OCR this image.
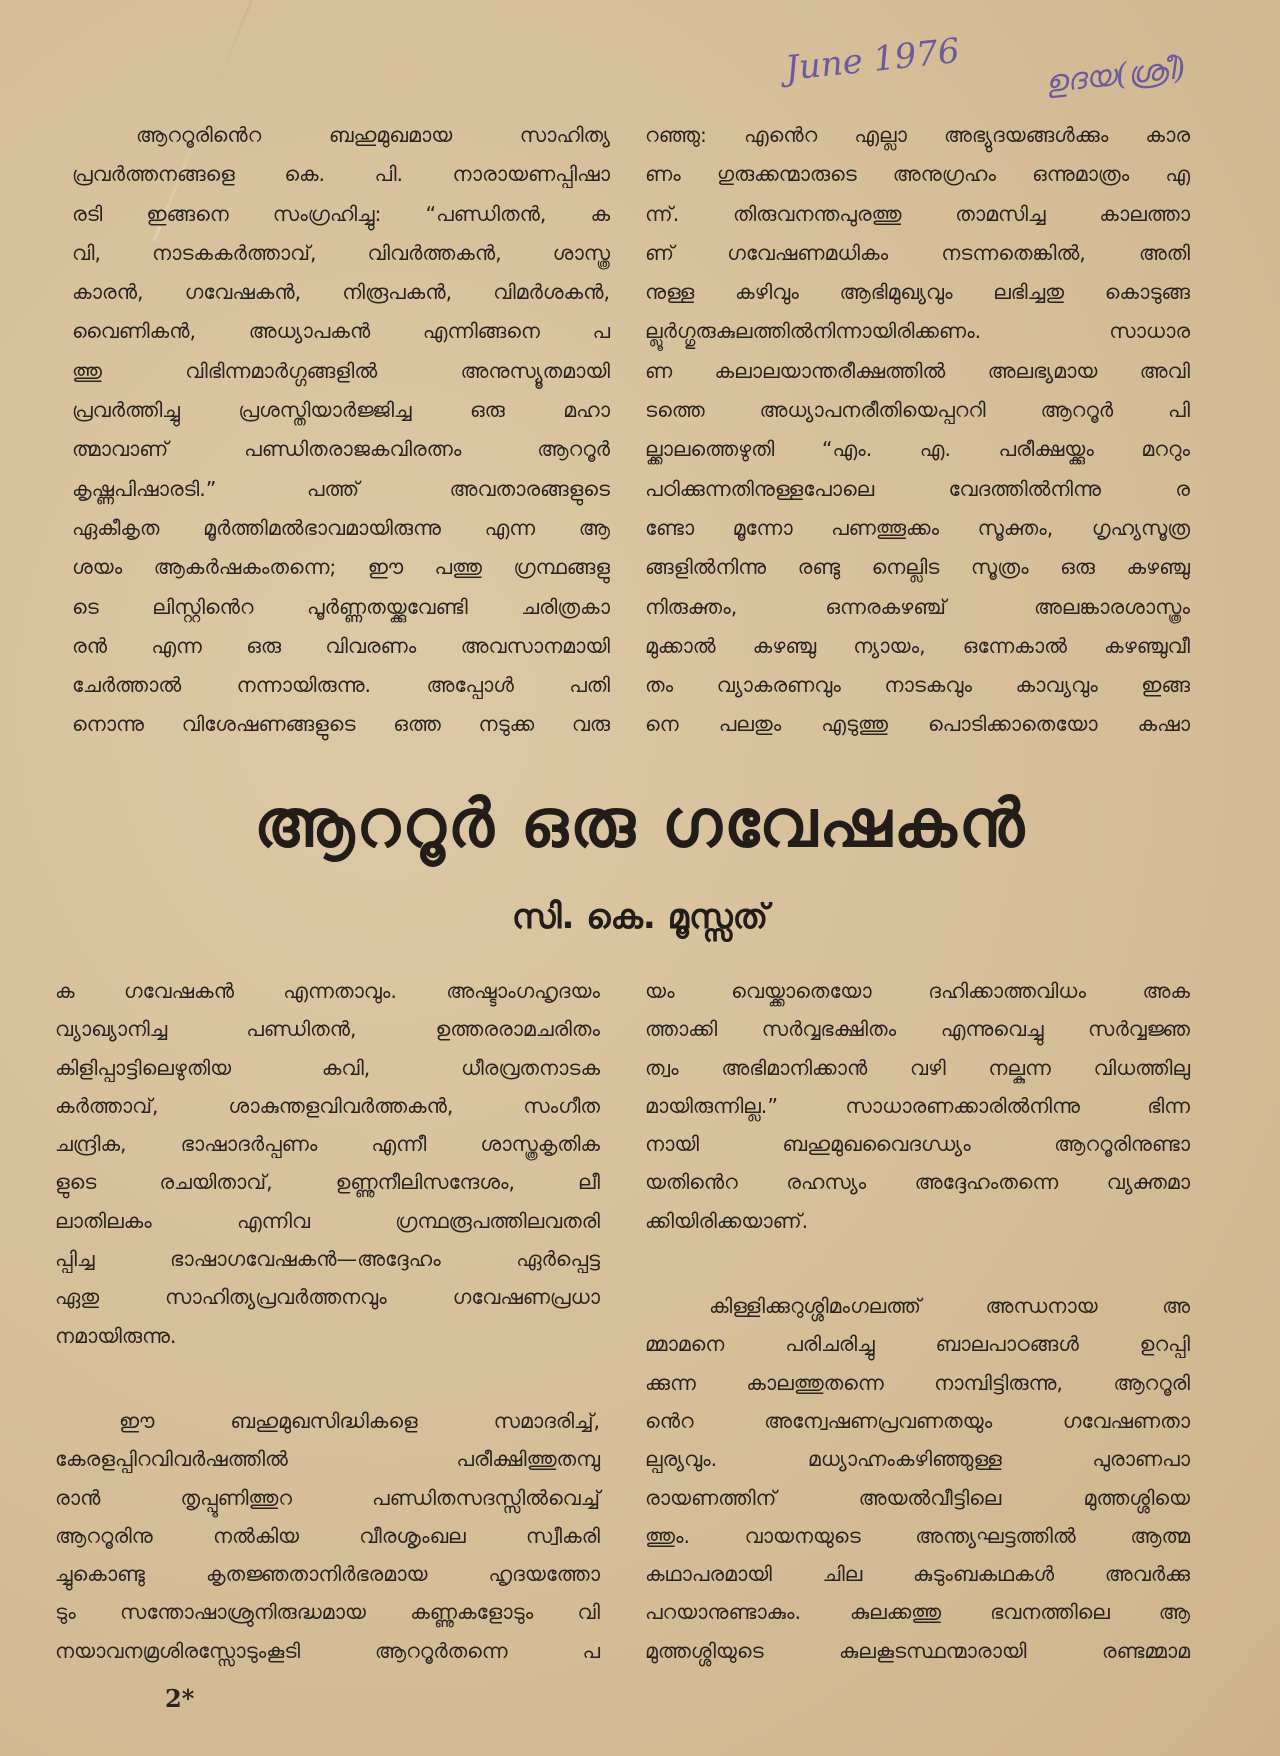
June 1976	ഉദയ(ശ്രീ)
ആററൂരിൻെറ ബഹുമുഖമായ സാഹിത്യ
പ്രവർത്തനങ്ങളെ കെ. പി. നാരായണപ്പിഷാ
രടി ഇങ്ങനെ സംഗ്രഹിച്ചു: “പണ്ഡിതൻ, ക
വി, നാടകകർത്താവ്, വിവർത്തകൻ, ശാസ്ത്ര
കാരൻ, ഗവേഷകൻ, നിരൂപകൻ, വിമർശകൻ,
വൈണികൻ, അധ്യാപകൻ എന്നിങ്ങനെ പ
ത്തു വിഭിന്നമാർഗ്ഗങ്ങളിൽ അനുസ്യൂതമായി
പ്രവർത്തിച്ചു പ്രശസ്തിയാർജ്ജിച്ച ഒരു മഹാ
ത്മാവാണ് പണ്ഡിതരാജകവിരത്നം ആററൂർ
കൃഷ്ണപിഷാരടി.” പത്ത് അവതാരങ്ങളുടെ
ഏകീകൃത മൂർത്തിമൽഭാവമായിരുന്നു എന്ന ആ
ശയം ആകർഷകംതന്നെ; ഈ പത്തു ഗ്രന്ഥങ്ങളു
ടെ ലിസ്റ്റിൻെറ പൂർണ്ണതയ്ക്കുവേണ്ടി ചരിത്രകാ
രൻ എന്ന ഒരു വിവരണം അവസാനമായി
ചേർത്താൽ നന്നായിരുന്നു. അപ്പോൾ പതി
നൊന്നു വിശേഷണങ്ങളുടെ ഒത്ത നടുക്ക വരു
റഞ്ഞു: എൻെറ എല്ലാ അഭ്യുദയങ്ങൾക്കും കാര
ണം ഗുരുക്കന്മാരുടെ അനുഗ്രഹം ഒന്നുമാത്രം എ
ന്ന്. തിരുവനന്തപുരത്തു താമസിച്ച കാലത്താ
ണ് ഗവേഷണമധികം നടന്നതെങ്കിൽ, അതി
നുള്ള കഴിവും ആഭിമുഖ്യവും ലഭിച്ചതു കൊടുങ്ങ
ല്ലൂർഗ്ഗുരുകുലത്തിൽനിന്നായിരിക്കണം. സാധാര
ണ കലാലയാന്തരീക്ഷത്തിൽ അലഭ്യമായ അവി
ടത്തെ അധ്യാപനരീതിയെപ്പററി ആററൂർ പി
ല്ക്കാലത്തെഴുതി “എം. എ. പരീക്ഷയ്ക്കും മററും
പഠിക്കുന്നതിനുള്ളപോലെ വേദത്തിൽനിന്നു ര
ണ്ടോ മൂന്നോ പണത്തൂക്കം സൂക്തം, ഗൃഹ്യസൂത്ര
ങ്ങളിൽനിന്നു രണ്ടു നെല്ലിട സൂത്രം ഒരു കഴഞ്ചു
നിരുക്തം, ഒന്നരകഴഞ്ച് അലങ്കാരശാസ്ത്രം
മുക്കാൽ കഴഞ്ചു ന്യായം, ഒന്നേകാൽ കഴഞ്ചുവീ
തം വ്യാകരണവും നാടകവും കാവ്യവും ഇങ്ങ
നെ പലതും എടുത്തു പൊടിക്കാതെയോ കഷാ
ആററൂർ ഒരു ഗവേഷകൻ
സി. കെ. മൂസ്സത്
ക ഗവേഷകൻ എന്നതാവും. അഷ്ടാംഗഹൃദയം
വ്യാഖ്യാനിച്ച പണ്ഡിതൻ, ഉത്തരരാമചരിതം
കിളിപ്പാട്ടിലെഴുതിയ കവി, ധീരവ്രതനാടക
കർത്താവ്, ശാകുന്തളവിവർത്തകൻ, സംഗീത
ചന്ദ്രിക, ഭാഷാദർപ്പണം എന്നീ ശാസ്ത്രകൃതിക
ളുടെ രചയിതാവ്, ഉണ്ണുനീലിസന്ദേശം, ലീ
ലാതിലകം എന്നിവ ഗ്രന്ഥരൂപത്തിലവതരി
പ്പിച്ച ഭാഷാഗവേഷകൻ—അദ്ദേഹം ഏർപ്പെട്ട
ഏതു സാഹിത്യപ്രവർത്തനവും ഗവേഷണപ്രധാ
നമായിരുന്നു.
ഈ ബഹുമുഖസിദ്ധികളെ സമാദരിച്ച്,
കേരളപ്പിറവിവർഷത്തിൽ പരീക്ഷിത്തുതമ്പു
രാൻ തൃപ്പൂണിത്തുറ പണ്ഡിതസദസ്സിൽവെച്ച്
ആററൂരിനു നൽകിയ വീരശൃംഖല സ്വീകരി
ച്ചുകൊണ്ടു കൃതജ്ഞതാനിർഭരമായ ഹൃദയത്തോ
ടും സന്തോഷാശ്രുനിരുദ്ധമായ കണ്ണുകളോടും വി
നയാവനമ്രശിരസ്സോടുംകൂടി ആററൂർതന്നെ പ
യം വെയ്ക്കാതെയോ ദഹിക്കാത്തവിധം അക
ത്താക്കി സർവ്വഭക്ഷിതം എന്നുവെച്ചു സർവ്വജ്ഞ
ത്വം അഭിമാനിക്കാൻ വഴി നല്കുന്ന വിധത്തിലു
മായിരുന്നില്ല.” സാധാരണക്കാരിൽനിന്നു ഭിന്ന
നായി ബഹുമുഖവൈദഗ്ധ്യം ആററൂരിനുണ്ടാ
യതിൻെറ രഹസ്യം അദ്ദേഹംതന്നെ വ്യക്തമാ
ക്കിയിരിക്കയാണ്.
കിള്ളിക്കുറുശ്ശിമംഗലത്ത് അന്ധനായ അ
മ്മാമനെ പരിചരിച്ചു ബാലപാഠങ്ങൾ ഉറപ്പി
ക്കുന്ന കാലത്തുതന്നെ നാമ്പിട്ടിരുന്നു, ആററൂരി
ൻെറ അന്വേഷണപ്രവണതയും ഗവേഷണതാ
ല്പര്യവും. മധ്യാഹ്നംകഴിഞ്ഞുള്ള പുരാണപാ
രായണത്തിന് അയൽവീട്ടിലെ മുത്തശ്ശിയെ
ത്തും. വായനയുടെ അന്ത്യഘട്ടത്തിൽ ആത്മ
കഥാപരമായി ചില കുടുംബകഥകൾ അവർക്കു
പറയാനുണ്ടാകും. കുലക്കത്തു ഭവനത്തിലെ ആ
മുത്തശ്ശിയുടെ കുലകൂടസ്ഥന്മാരായി രണ്ടമ്മാമ
2*
